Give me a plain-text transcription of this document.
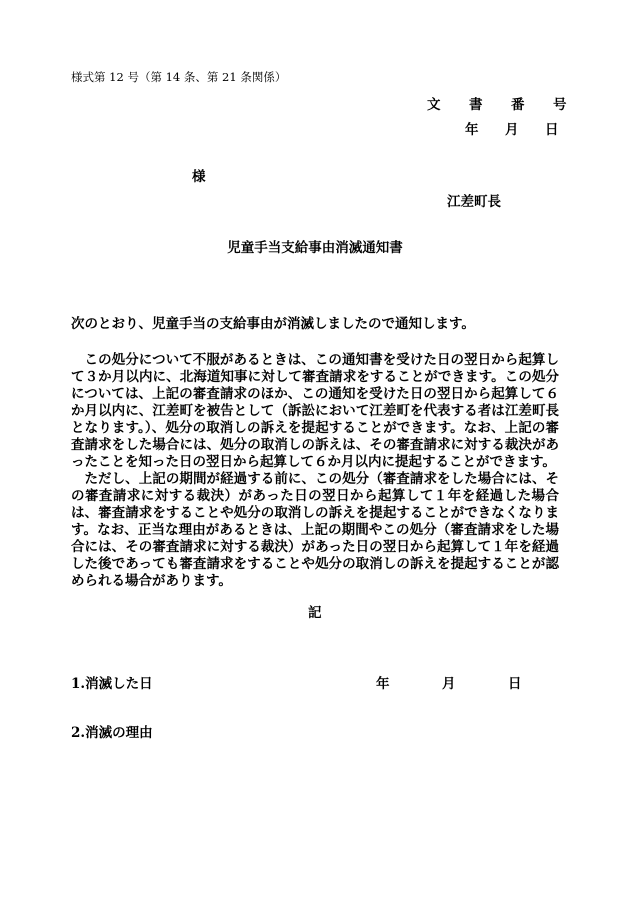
様式第 12 号（第 14 条、第 21 条関係）
文 書 番 号
年 月 日
様
江差町長
児童手当支給事由消滅通知書
次のとおり、児童手当の支給事由が消滅しましたので通知します。

この処分について不服があるときは、この通知書を受けた日の翌日から起算して３か月以内に、北海道知事に対して審査請求をすることができます。この処分については、上記の審査請求のほか、この通知を受けた日の翌日から起算して６か月以内に、江差町を被告として（訴訟において江差町を代表する者は江差町長となります。）、処分の取消しの訴えを提起することができます。なお、上記の審査請求をした場合には、処分の取消しの訴えは、その審査請求に対する裁決があったことを知った日の翌日から起算して６か月以内に提起することができます。

ただし、上記の期間が経過する前に、この処分（審査請求をした場合には、その審査請求に対する裁決）があった日の翌日から起算して１年を経過した場合は、審査請求をすることや処分の取消しの訴えを提起することができなくなります。なお、正当な理由があるときは、上記の期間やこの処分（審査請求をした場合には、その審査請求に対する裁決）があった日の翌日から起算して１年を経過した後であっても審査請求をすることや処分の取消しの訴えを提起することが認められる場合があります。

記
1.消滅した日	年	月	日
2.消滅の理由
